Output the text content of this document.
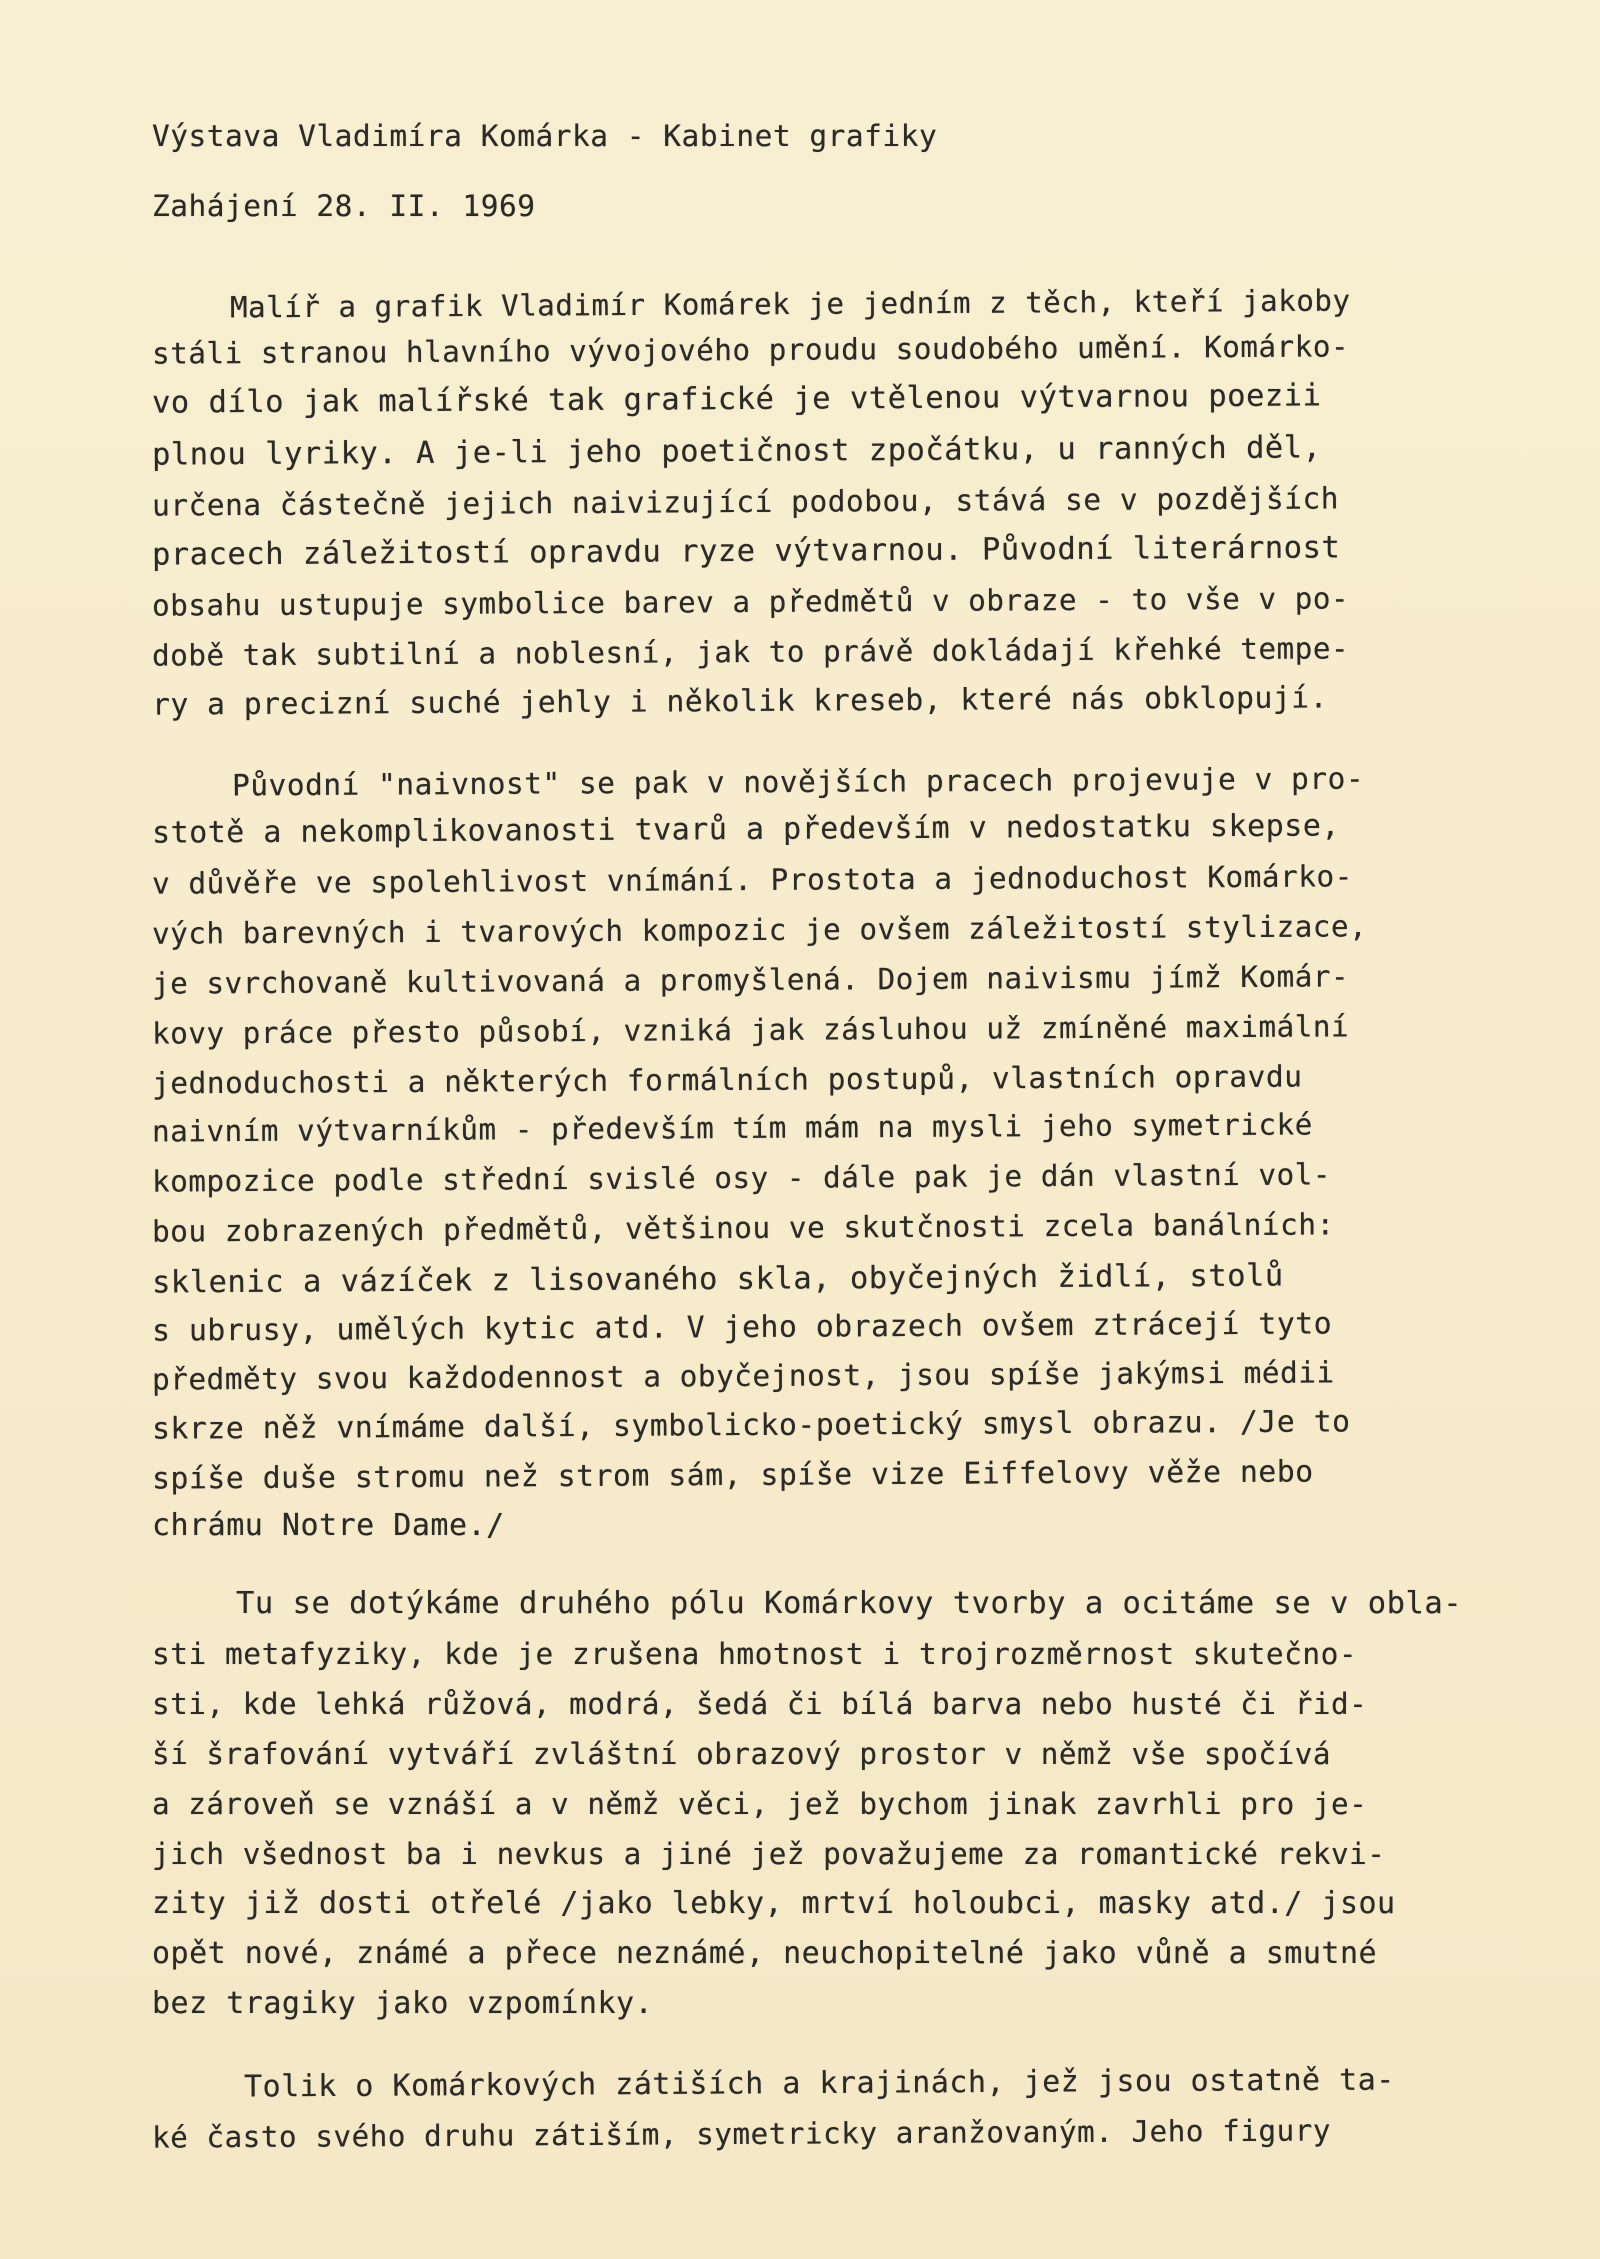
Výstava Vladimíra Komárka - Kabinet grafiky
Zahájení 28. II. 1969
Malíř a grafik Vladimír Komárek je jedním z těch, kteří jakoby
stáli stranou hlavního vývojového proudu soudobého umění. Komárko-
vo dílo jak malířské tak grafické je vtělenou výtvarnou poezii
plnou lyriky. A je-li jeho poetičnost zpočátku, u ranných děl,
určena částečně jejich naivizující podobou, stává se v pozdějších
pracech záležitostí opravdu ryze výtvarnou. Původní literárnost
obsahu ustupuje symbolice barev a předmětů v obraze - to vše v po-
době tak subtilní a noblesní, jak to právě dokládají křehké tempe-
ry a precizní suché jehly i několik kreseb, které nás obklopují.
Původní "naivnost" se pak v novějších pracech projevuje v pro-
stotě a nekomplikovanosti tvarů a především v nedostatku skepse,
v důvěře ve spolehlivost vnímání. Prostota a jednoduchost Komárko-
vých barevných i tvarových kompozic je ovšem záležitostí stylizace,
je svrchovaně kultivovaná a promyšlená. Dojem naivismu jímž Komár-
kovy práce přesto působí, vzniká jak zásluhou už zmíněné maximální
jednoduchosti a některých formálních postupů, vlastních opravdu
naivním výtvarníkům - především tím mám na mysli jeho symetrické
kompozice podle střední svislé osy - dále pak je dán vlastní vol-
bou zobrazených předmětů, většinou ve skutčnosti zcela banálních:
sklenic a vázíček z lisovaného skla, obyčejných židlí, stolů
s ubrusy, umělých kytic atd. V jeho obrazech ovšem ztrácejí tyto
předměty svou každodennost a obyčejnost, jsou spíše jakýmsi médii
skrze něž vnímáme další, symbolicko-poetický smysl obrazu. /Je to
spíše duše stromu než strom sám, spíše vize Eiffelovy věže nebo
chrámu Notre Dame./
Tu se dotýkáme druhého pólu Komárkovy tvorby a ocitáme se v obla-
sti metafyziky, kde je zrušena hmotnost i trojrozměrnost skutečno-
sti, kde lehká růžová, modrá, šedá či bílá barva nebo husté či řid-
ší šrafování vytváří zvláštní obrazový prostor v němž vše spočívá
a zároveň se vznáší a v němž věci, jež bychom jinak zavrhli pro je-
jich všednost ba i nevkus a jiné jež považujeme za romantické rekvi-
zity již dosti otřelé /jako lebky, mrtví holoubci, masky atd./ jsou
opět nové, známé a přece neznámé, neuchopitelné jako vůně a smutné
bez tragiky jako vzpomínky.
Tolik o Komárkových zátiších a krajinách, jež jsou ostatně ta-
ké často svého druhu zátiším, symetricky aranžovaným. Jeho figury
